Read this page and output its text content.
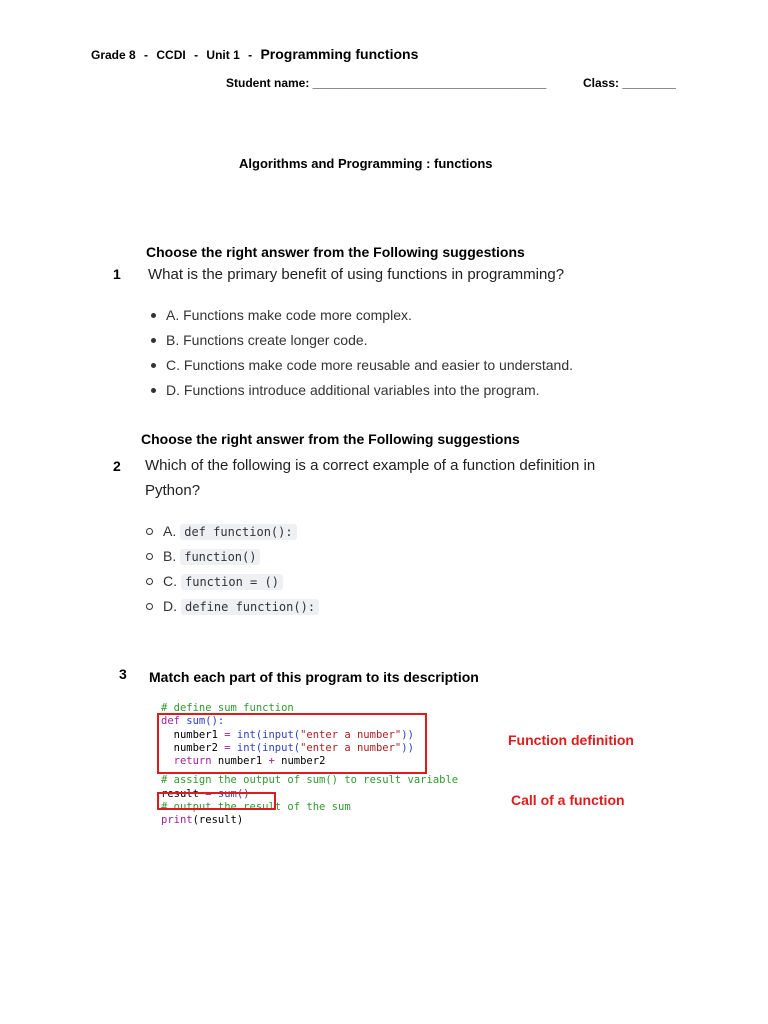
Grade 8 - CCDI - Unit 1 - Programming functions
Student name: ___________________________________	Class: ________
Algorithms and Programming : functions
Choose the right answer from the Following suggestions
1 What is the primary benefit of using functions in programming?
A. Functions make code more complex.
B. Functions create longer code.
C. Functions make code more reusable and easier to understand.
D. Functions introduce additional variables into the program.
Choose the right answer from the Following suggestions
2 Which of the following is a correct example of a function definition in
Python?
A. def function():
B. function()
C. function = ()
D. define function():
3 Match each part of this program to its description
# define sum function
def sum():
number1 = int(input("enter a number"))
number2 = int(input("enter a number"))
return number1 + number2
# assign the output of sum() to result variable
result = sum()
# output the result of the sum
print(result)
Function definition
Call of a function
